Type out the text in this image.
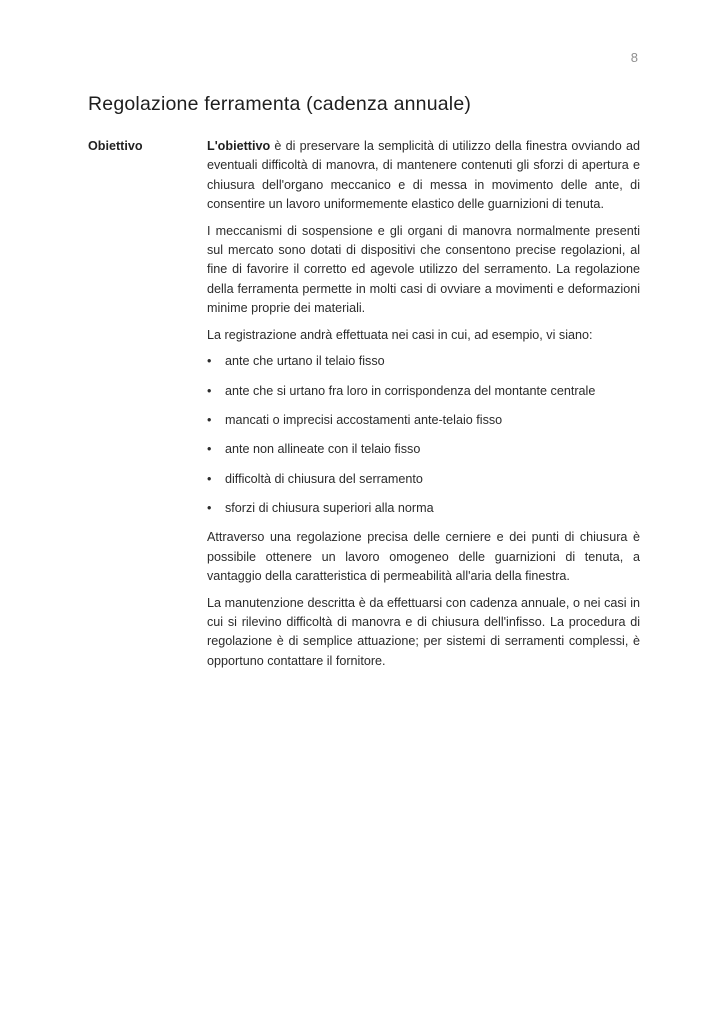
8
Regolazione ferramenta (cadenza annuale)
Obiettivo	L'obiettivo è di preservare la semplicità di utilizzo della finestra ovviando ad eventuali difficoltà di manovra, di mantenere contenuti gli sforzi di apertura e chiusura dell'organo meccanico e di messa in movimento delle ante, di consentire un lavoro uniformemente elastico delle guarnizioni di tenuta.

I meccanismi di sospensione e gli organi di manovra normalmente presenti sul mercato sono dotati di dispositivi che consentono precise regolazioni, al fine di favorire il corretto ed agevole utilizzo del serramento. La regolazione della ferramenta permette in molti casi di ovviare a movimenti e deformazioni minime proprie dei materiali.

La registrazione andrà effettuata nei casi in cui, ad esempio, vi siano:

•	ante che urtano il telaio fisso
•	ante che si urtano fra loro in corrispondenza del montante centrale
•	mancati o imprecisi accostamenti ante-telaio fisso
•	ante non allineate con il telaio fisso
•	difficoltà di chiusura del serramento
•	sforzi di chiusura superiori alla norma

Attraverso una regolazione precisa delle cerniere e dei punti di chiusura è possibile ottenere un lavoro omogeneo delle guarnizioni di tenuta, a vantaggio della caratteristica di permeabilità all'aria della finestra.

La manutenzione descritta è da effettuarsi con cadenza annuale, o nei casi in cui si rilevino difficoltà di manovra e di chiusura dell'infisso. La procedura di regolazione è di semplice attuazione; per sistemi di serramenti complessi, è opportuno contattare il fornitore.
